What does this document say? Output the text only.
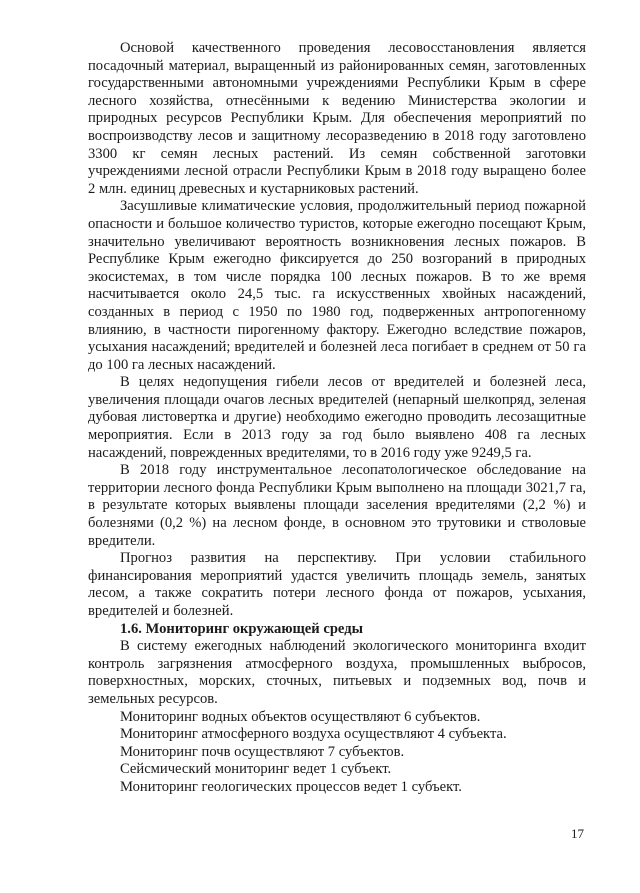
Основой качественного проведения лесовосстановления является посадочный материал, выращенный из районированных семян, заготовленных государственными автономными учреждениями Республики Крым в сфере лесного хозяйства, отнесёнными к ведению Министерства экологии и природных ресурсов Республики Крым. Для обеспечения мероприятий по воспроизводству лесов и защитному лесоразведению в 2018 году заготовлено 3300 кг семян лесных растений. Из семян собственной заготовки учреждениями лесной отрасли Республики Крым в 2018 году выращено более 2 млн. единиц древесных и кустарниковых растений.

Засушливые климатические условия, продолжительный период пожарной опасности и большое количество туристов, которые ежегодно посещают Крым, значительно увеличивают вероятность возникновения лесных пожаров. В Республике Крым ежегодно фиксируется до 250 возгораний в природных экосистемах, в том числе порядка 100 лесных пожаров. В то же время насчитывается около 24,5 тыс. га искусственных хвойных насаждений, созданных в период с 1950 по 1980 год, подверженных антропогенному влиянию, в частности пирогенному фактору. Ежегодно вследствие пожаров, усыхания насаждений; вредителей и болезней леса погибает в среднем от 50 га до 100 га лесных насаждений.

В целях недопущения гибели лесов от вредителей и болезней леса, увеличения площади очагов лесных вредителей (непарный шелкопряд, зеленая дубовая листовертка и другие) необходимо ежегодно проводить лесозащитные мероприятия. Если в 2013 году за год было выявлено 408 га лесных насаждений, поврежденных вредителями, то в 2016 году уже 9249,5 га.

В 2018 году инструментальное лесопатологическое обследование на территории лесного фонда Республики Крым выполнено на площади 3021,7 га, в результате которых выявлены площади заселения вредителями (2,2 %) и болезнями (0,2 %) на лесном фонде, в основном это трутовики и стволовые вредители.

Прогноз развития на перспективу. При условии стабильного финансирования мероприятий удастся увеличить площадь земель, занятых лесом, а также сократить потери лесного фонда от пожаров, усыхания, вредителей и болезней.

1.6. Мониторинг окружающей среды

В систему ежегодных наблюдений экологического мониторинга входит контроль загрязнения атмосферного воздуха, промышленных выбросов, поверхностных, морских, сточных, питьевых и подземных вод, почв и земельных ресурсов.

Мониторинг водных объектов осуществляют 6 субъектов.

Мониторинг атмосферного воздуха осуществляют 4 субъекта.

Мониторинг почв осуществляют 7 субъектов.

Сейсмический мониторинг ведет 1 субъект.

Мониторинг геологических процессов ведет 1 субъект.

17
